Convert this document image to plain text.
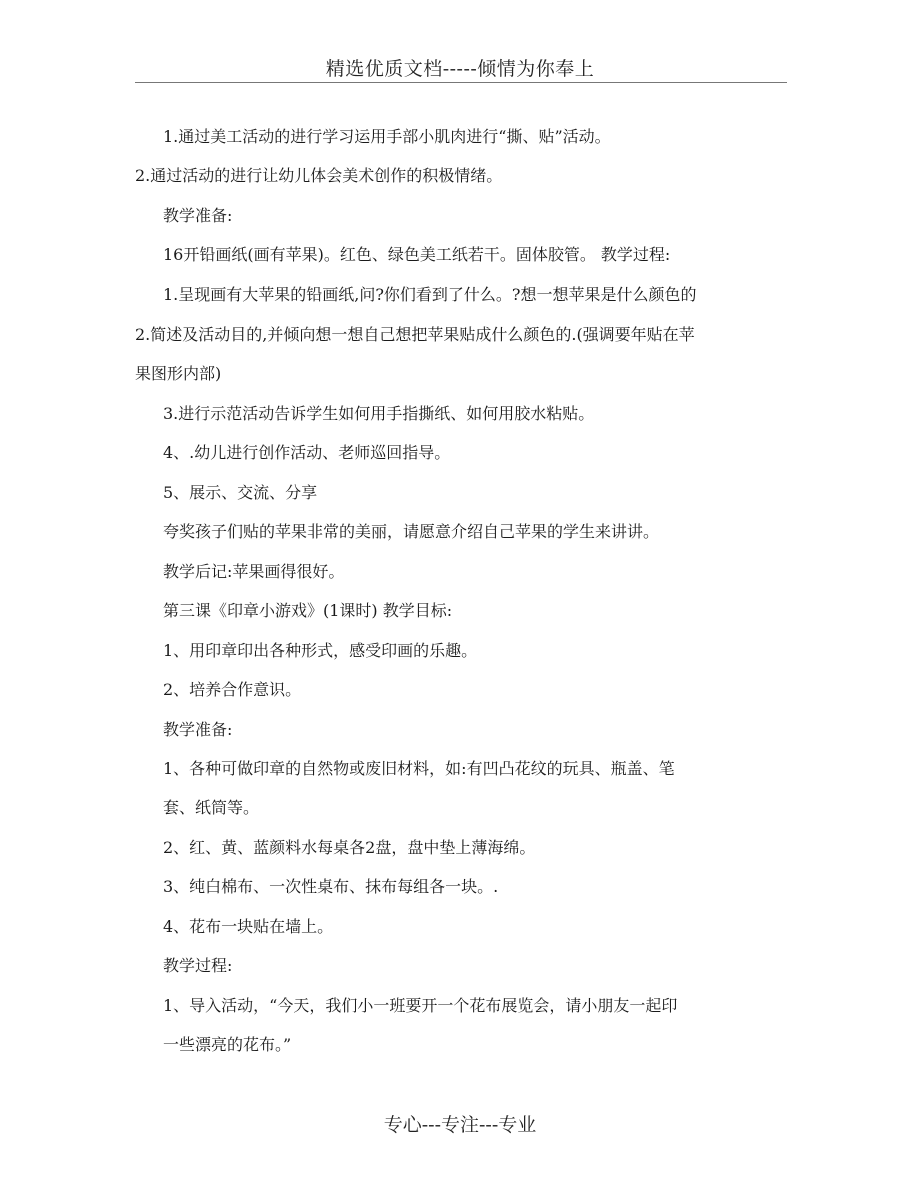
精选优质文档-----倾情为你奉上
1.通过美工活动的进行学习运用手部小肌肉进行“撕、贴”活动。
2.通过活动的进行让幼儿体会美术创作的积极情绪。
教学准备:
16开铅画纸(画有苹果)。红色、绿色美工纸若干。固体胶管。 教学过程:
1.呈现画有大苹果的铅画纸,问?你们看到了什么。?想一想苹果是什么颜色的
2.简述及活动目的,并倾向想一想自己想把苹果贴成什么颜色的.(强调要年贴在苹
果图形内部)
3.进行示范活动告诉学生如何用手指撕纸、如何用胶水粘贴。
4、.幼儿进行创作活动、老师巡回指导。
5、展示、交流、分享
夸奖孩子们贴的苹果非常的美丽，请愿意介绍自己苹果的学生来讲讲。
教学后记:苹果画得很好。
第三课《印章小游戏》(1课时) 教学目标:
1、用印章印出各种形式，感受印画的乐趣。
2、培养合作意识。
教学准备:
1、各种可做印章的自然物或废旧材料，如:有凹凸花纹的玩具、瓶盖、笔
套、纸筒等。
2、红、黄、蓝颜料水每桌各2盘，盘中垫上薄海绵。
3、纯白棉布、一次性桌布、抹布每组各一块。.
4、花布一块贴在墙上。
教学过程:
1、导入活动，“今天，我们小一班要开一个花布展览会，请小朋友一起印
一些漂亮的花布。”
专心---专注---专业
